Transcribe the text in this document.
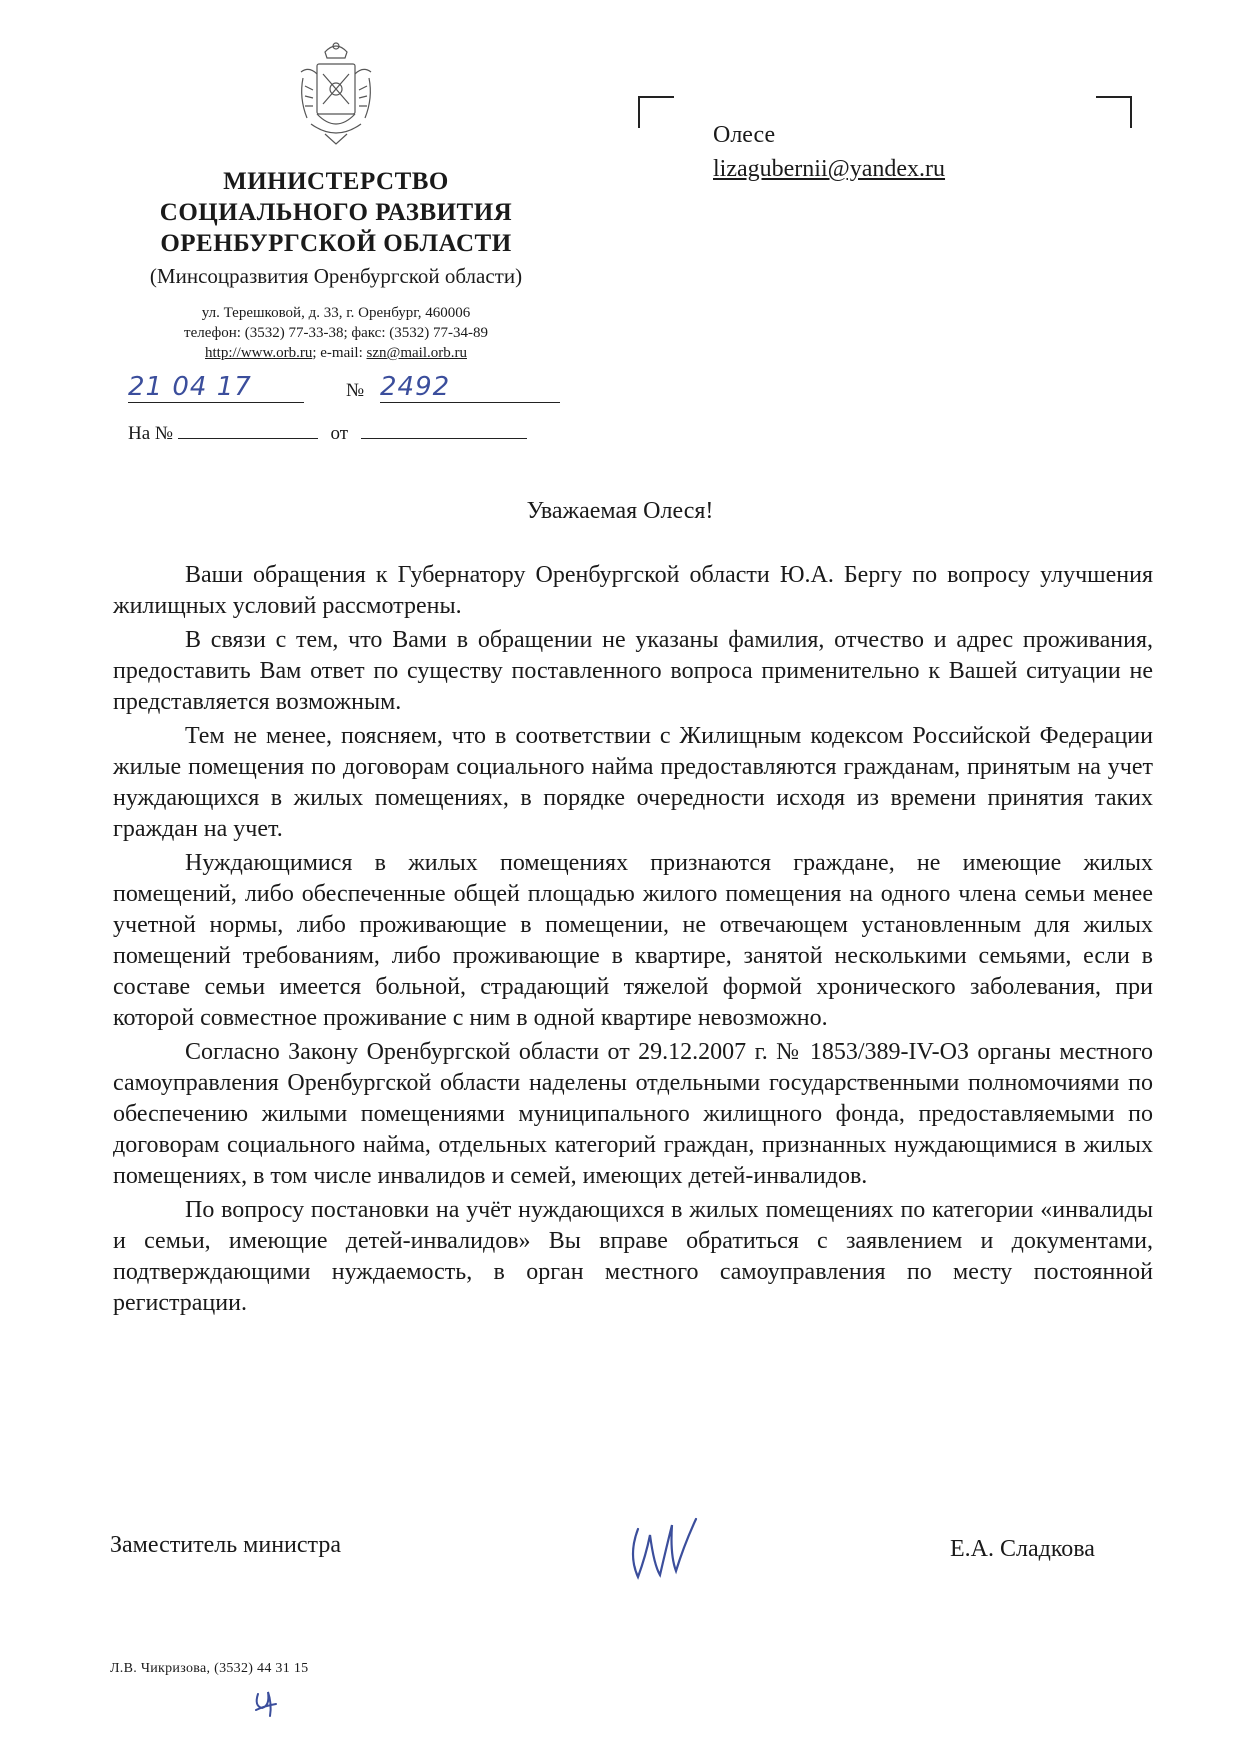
МИНИСТЕРСТВО
СОЦИАЛЬНОГО РАЗВИТИЯ
ОРЕНБУРГСКОЙ ОБЛАСТИ
(Минсоцразвития Оренбургской области)
ул. Терешковой, д. 33, г. Оренбург, 460006
телефон: (3532) 77-33-38; факс: (3532) 77-34-89
http://www.orb.ru; e-mail: szn@mail.orb.ru
21 04 17	№ 2492
На №	от
Олесе
lizagubernii@yandex.ru
Уважаемая Олеся!

Ваши обращения к Губернатору Оренбургской области Ю.А. Бергу по вопросу улучшения жилищных условий рассмотрены.

В связи с тем, что Вами в обращении не указаны фамилия, отчество и адрес проживания, предоставить Вам ответ по существу поставленного вопроса применительно к Вашей ситуации не представляется возможным.

Тем не менее, поясняем, что в соответствии с Жилищным кодексом Российской Федерации жилые помещения по договорам социального найма предоставляются гражданам, принятым на учет нуждающихся в жилых помещениях, в порядке очередности исходя из времени принятия таких граждан на учет.

Нуждающимися в жилых помещениях признаются граждане, не имеющие жилых помещений, либо обеспеченные общей площадью жилого помещения на одного члена семьи менее учетной нормы, либо проживающие в помещении, не отвечающем установленным для жилых помещений требованиям, либо проживающие в квартире, занятой несколькими семьями, если в составе семьи имеется больной, страдающий тяжелой формой хронического заболевания, при которой совместное проживание с ним в одной квартире невозможно.

Согласно Закону Оренбургской области от 29.12.2007 г. № 1853/389-IV-ОЗ органы местного самоуправления Оренбургской области наделены отдельными государственными полномочиями по обеспечению жилыми помещениями муниципального жилищного фонда, предоставляемыми по договорам социального найма, отдельных категорий граждан, признанных нуждающимися в жилых помещениях, в том числе инвалидов и семей, имеющих детей-инвалидов.

По вопросу постановки на учёт нуждающихся в жилых помещениях по категории «инвалиды и семьи, имеющие детей-инвалидов» Вы вправе обратиться с заявлением и документами, подтверждающими нуждаемость, в орган местного самоуправления по месту постоянной регистрации.

Заместитель министра	Е.А. Сладкова
Л.В. Чикризова, (3532) 44 31 15
